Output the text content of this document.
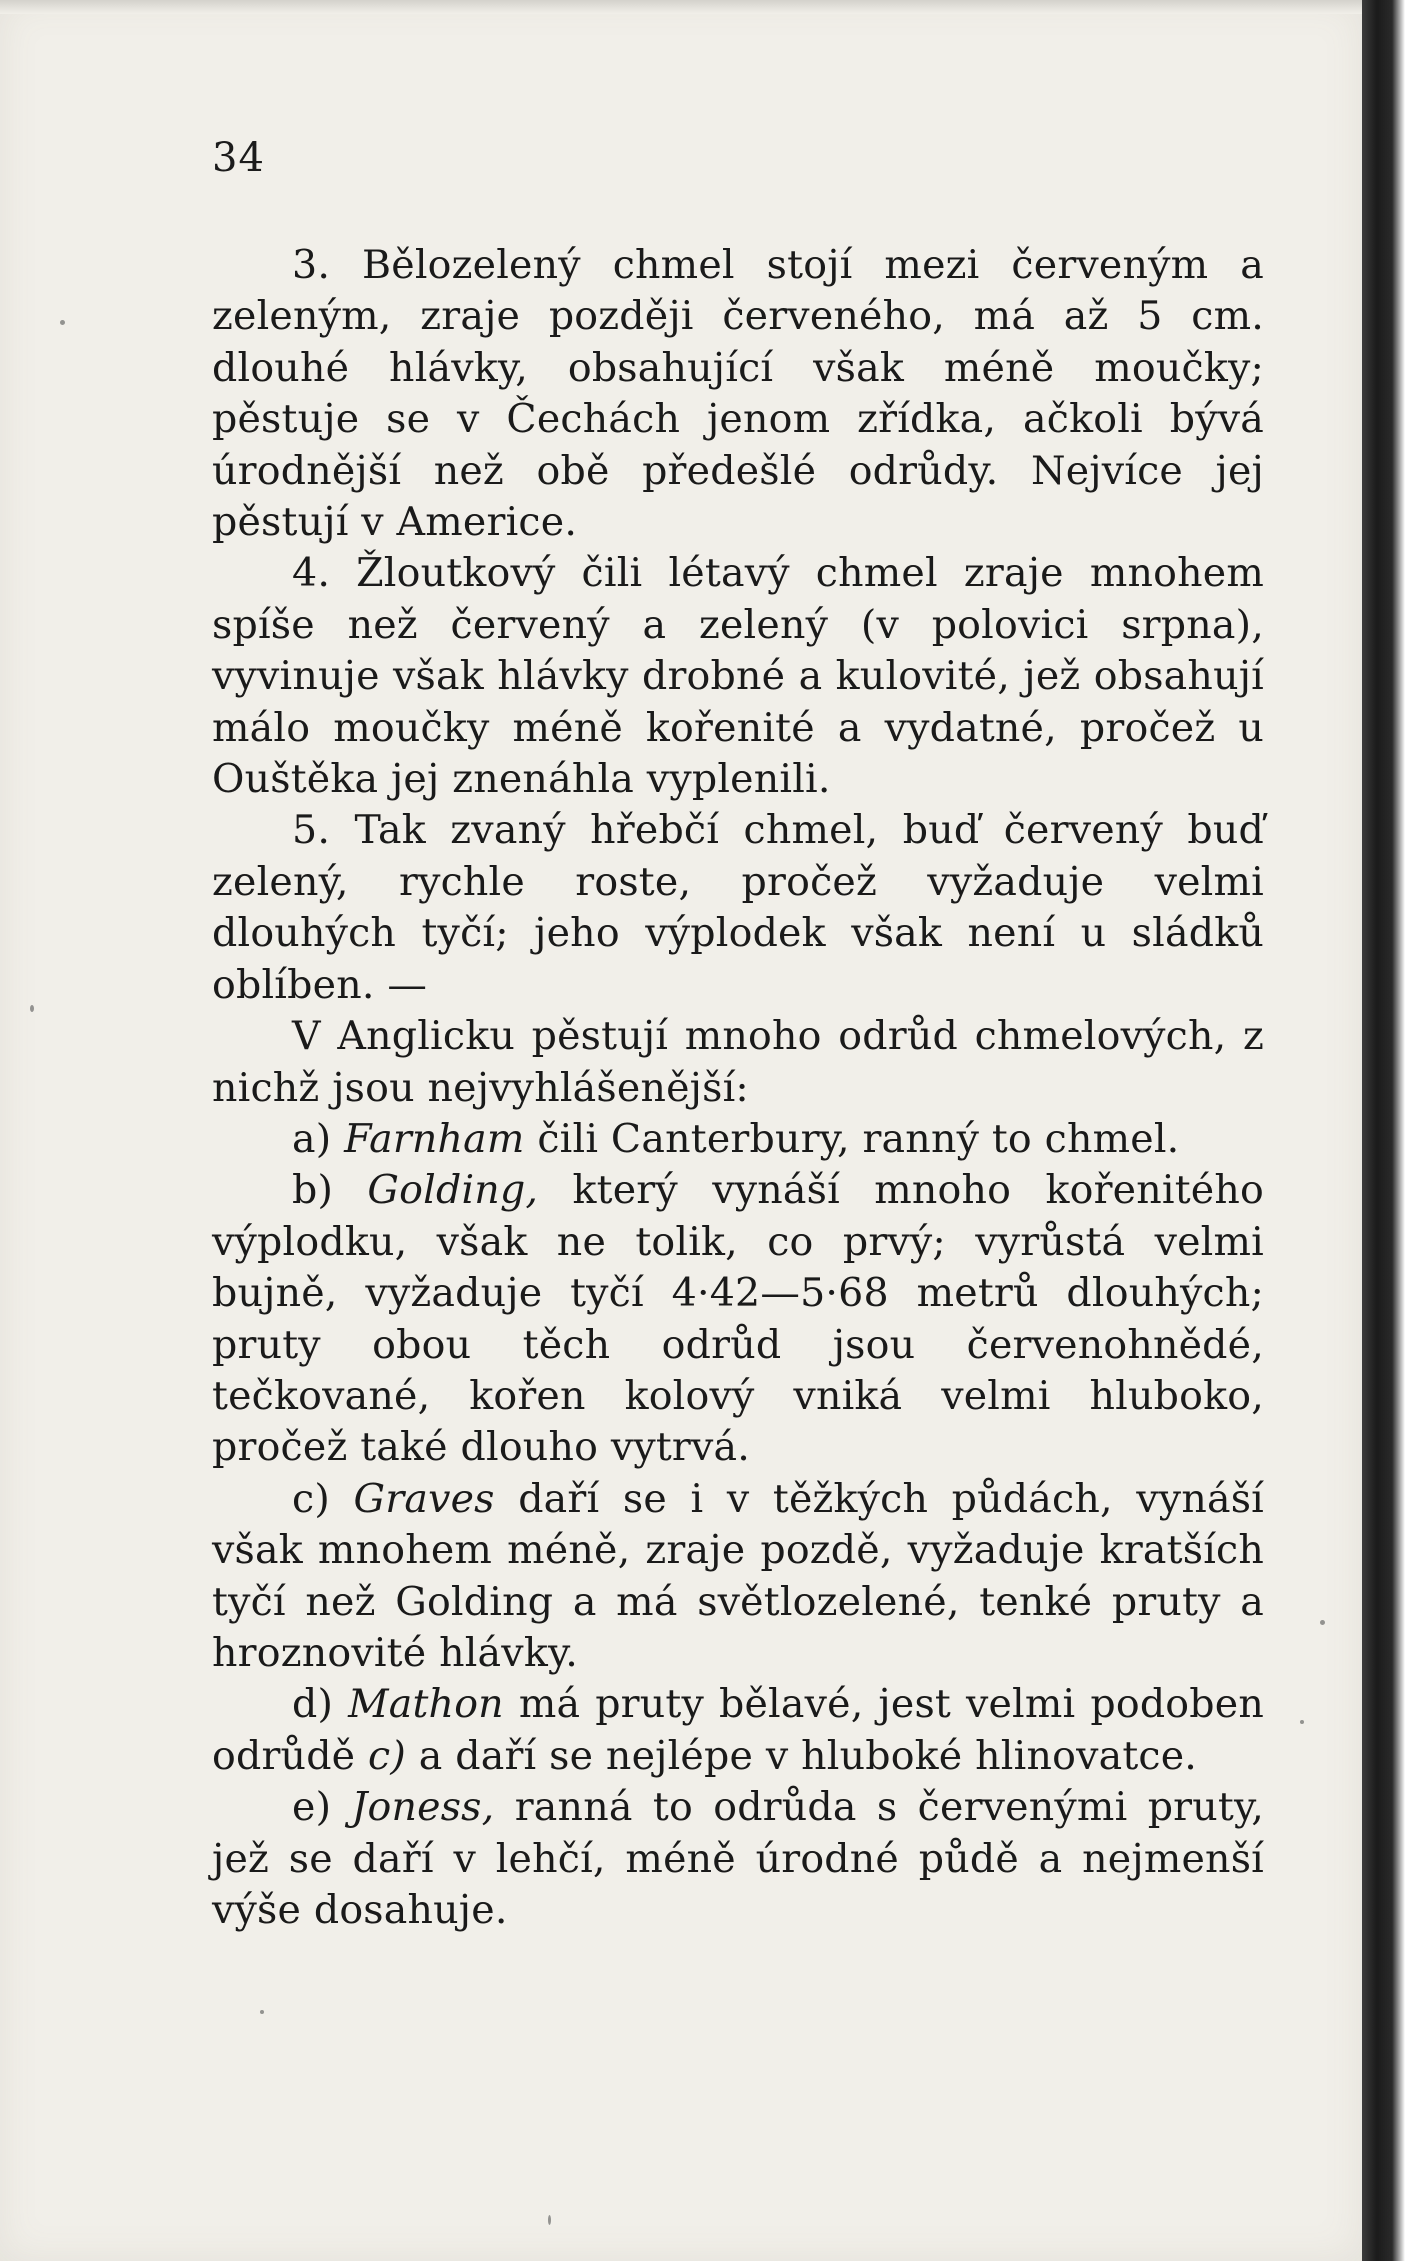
34

3. Bělozelený chmel stojí mezi červeným a zeleným, zraje později červeného, má až 5 cm. dlouhé hlávky, obsahující však méně moučky; pěstuje se v Čechách jenom zřídka, ačkoli bývá úrodnější než obě předešlé odrůdy. Nejvíce jej pěstují v Americe.

4. Žloutkový čili létavý chmel zraje mnohem spíše než červený a zelený (v polovici srpna), vyvinuje však hlávky drobné a kulovité, jež obsahují málo moučky méně kořenité a vydatné, pročež u Ouštěka jej znenáhla vyplenili.

5. Tak zvaný hřebčí chmel, buď červený buď zelený, rychle roste, pročež vyžaduje velmi dlouhých tyčí; jeho výplodek však není u sládků oblíben. —

V Anglicku pěstují mnoho odrůd chmelových, z nichž jsou nejvyhlášenější:

a) Farnham čili Canterbury, ranný to chmel.

b) Golding, který vynáší mnoho kořenitého výplodku, však ne tolik, co prvý; vyrůstá velmi bujně, vyžaduje tyčí 4·42—5·68 metrů dlouhých; pruty obou těch odrůd jsou červenohnědé, tečkované, kořen kolový vniká velmi hluboko, pročež také dlouho vytrvá.

c) Graves daří se i v těžkých půdách, vynáší však mnohem méně, zraje pozdě, vyžaduje kratších tyčí než Golding a má světlozelené, tenké pruty a hroznovité hlávky.

d) Mathon má pruty bělavé, jest velmi podoben odrůdě c) a daří se nejlépe v hluboké hlinovatce.

e) Joness, ranná to odrůda s červenými pruty, jež se daří v lehčí, méně úrodné půdě a nejmenší výše dosahuje.
